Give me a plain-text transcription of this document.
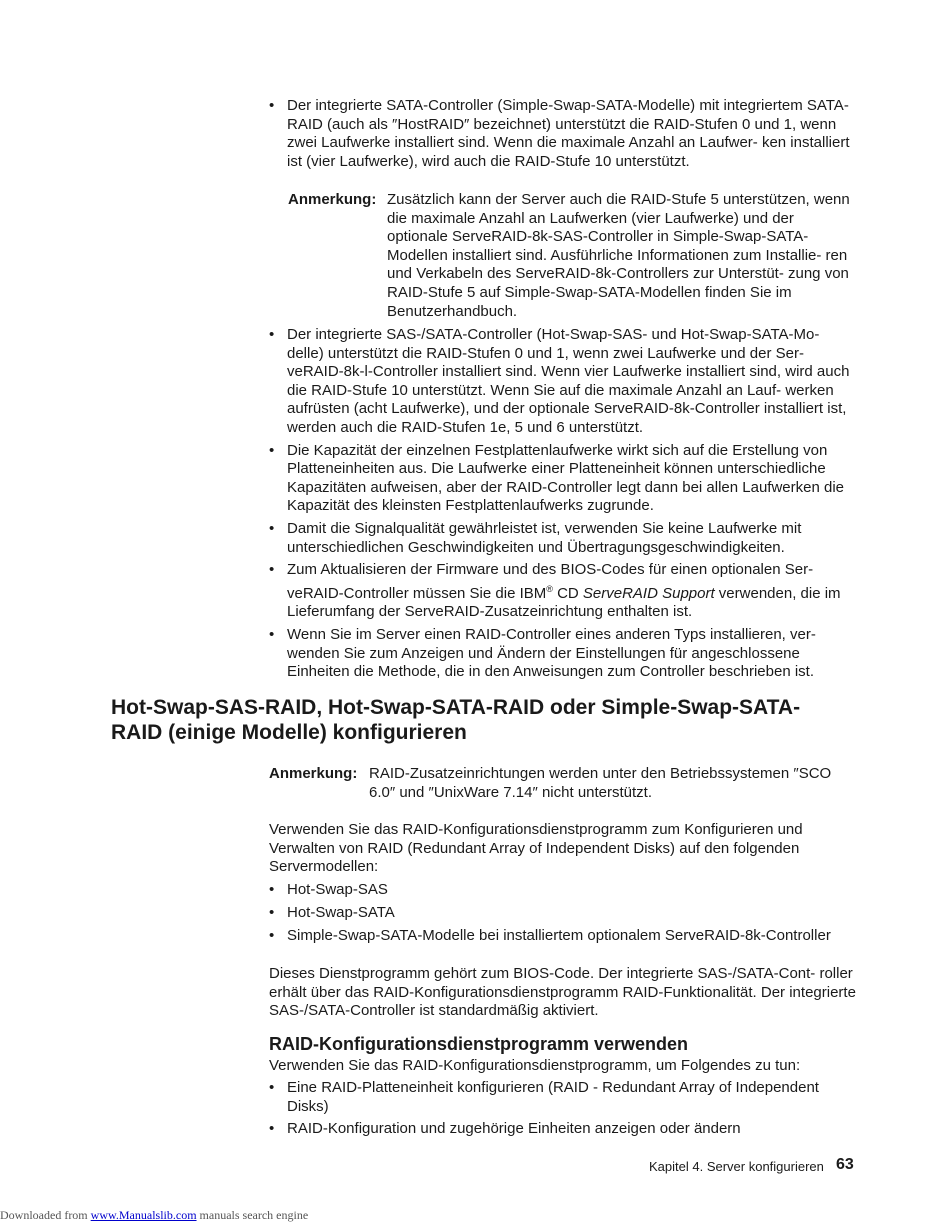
• Der integrierte SATA-Controller (Simple-Swap-SATA-Modelle) mit integriertem SATA-RAID (auch als ″HostRAID″ bezeichnet) unterstützt die RAID-Stufen 0 und 1, wenn zwei Laufwerke installiert sind. Wenn die maximale Anzahl an Laufwer- ken installiert ist (vier Laufwerke), wird auch die RAID-Stufe 10 unterstützt.

Anmerkung: Zusätzlich kann der Server auch die RAID-Stufe 5 unterstützen, wenn die maximale Anzahl an Laufwerken (vier Laufwerke) und der optionale ServeRAID-8k-SAS-Controller in Simple-Swap-SATA- Modellen installiert sind. Ausführliche Informationen zum Installie- ren und Verkabeln des ServeRAID-8k-Controllers zur Unterstüt- zung von RAID-Stufe 5 auf Simple-Swap-SATA-Modellen finden Sie im Benutzerhandbuch.

• Der integrierte SAS-/SATA-Controller (Hot-Swap-SAS- und Hot-Swap-SATA-Mo- delle) unterstützt die RAID-Stufen 0 und 1, wenn zwei Laufwerke und der Ser- veRAID-8k-l-Controller installiert sind. Wenn vier Laufwerke installiert sind, wird auch die RAID-Stufe 10 unterstützt. Wenn Sie auf die maximale Anzahl an Lauf- werken aufrüsten (acht Laufwerke), und der optionale ServeRAID-8k-Controller installiert ist, werden auch die RAID-Stufen 1e, 5 und 6 unterstützt.

• Die Kapazität der einzelnen Festplattenlaufwerke wirkt sich auf die Erstellung von Platteneinheiten aus. Die Laufwerke einer Platteneinheit können unterschiedliche Kapazitäten aufweisen, aber der RAID-Controller legt dann bei allen Laufwerken die Kapazität des kleinsten Festplattenlaufwerks zugrunde.

• Damit die Signalqualität gewährleistet ist, verwenden Sie keine Laufwerke mit unterschiedlichen Geschwindigkeiten und Übertragungsgeschwindigkeiten.

• Zum Aktualisieren der Firmware und des BIOS-Codes für einen optionalen Ser- veRAID-Controller müssen Sie die IBM® CD ServeRAID Support verwenden, die im Lieferumfang der ServeRAID-Zusatzeinrichtung enthalten ist.

• Wenn Sie im Server einen RAID-Controller eines anderen Typs installieren, ver- wenden Sie zum Anzeigen und Ändern der Einstellungen für angeschlossene Einheiten die Methode, die in den Anweisungen zum Controller beschrieben ist.

Hot-Swap-SAS-RAID, Hot-Swap-SATA-RAID oder Simple-Swap-SATA- RAID (einige Modelle) konfigurieren
Anmerkung: RAID-Zusatzeinrichtungen werden unter den Betriebssystemen ″SCO 6.0″ und ″UnixWare 7.14″ nicht unterstützt.

Verwenden Sie das RAID-Konfigurationsdienstprogramm zum Konfigurieren und Verwalten von RAID (Redundant Array of Independent Disks) auf den folgenden Servermodellen:

• Hot-Swap-SAS

• Hot-Swap-SATA

• Simple-Swap-SATA-Modelle bei installiertem optionalem ServeRAID-8k-Controller

Dieses Dienstprogramm gehört zum BIOS-Code. Der integrierte SAS-/SATA-Cont- roller erhält über das RAID-Konfigurationsdienstprogramm RAID-Funktionalität. Der integrierte SAS-/SATA-Controller ist standardmäßig aktiviert.

RAID-Konfigurationsdienstprogramm verwenden

Verwenden Sie das RAID-Konfigurationsdienstprogramm, um Folgendes zu tun:

• Eine RAID-Platteneinheit konfigurieren (RAID - Redundant Array of Independent Disks)

• RAID-Konfiguration und zugehörige Einheiten anzeigen oder ändern

Kapitel 4. Server konfigurieren 63
Downloaded from www.Manualslib.com manuals search engine
